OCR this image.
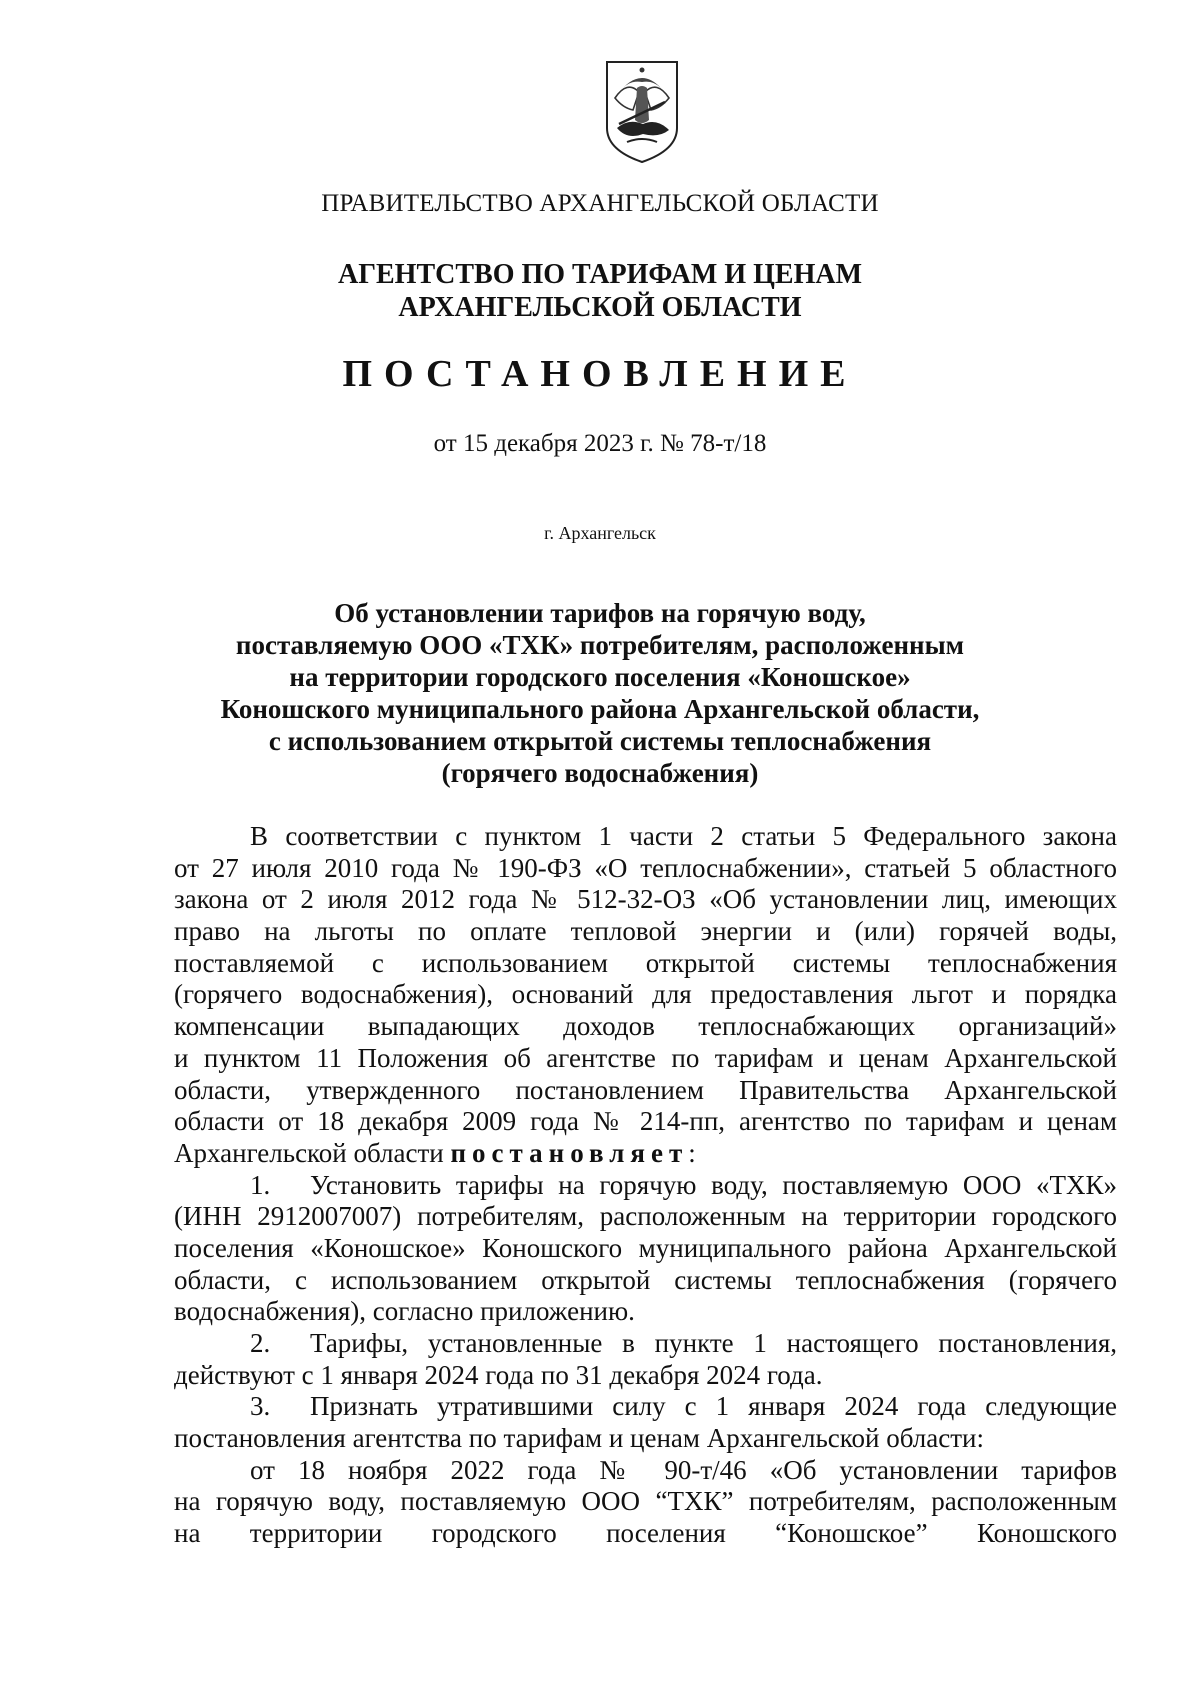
ПРАВИТЕЛЬСТВО АРХАНГЕЛЬСКОЙ ОБЛАСТИ
АГЕНТСТВО ПО ТАРИФАМ И ЦЕНАМ
АРХАНГЕЛЬСКОЙ ОБЛАСТИ
ПОСТАНОВЛЕНИЕ
от 15 декабря 2023 г. № 78-т/18
г. Архангельск
Об установлении тарифов на горячую воду,
поставляемую ООО «ТХК» потребителям, расположенным
на территории городского поселения «Коношское»
Коношского муниципального района Архангельской области,
с использованием открытой системы теплоснабжения
(горячего водоснабжения)
В соответствии с пунктом 1 части 2 статьи 5 Федерального закона
от 27 июля 2010 года № 190-ФЗ «О теплоснабжении», статьей 5 областного
закона от 2 июля 2012 года № 512-32-ОЗ «Об установлении лиц, имеющих
право на льготы по оплате тепловой энергии и (или) горячей воды,
поставляемой с использованием открытой системы теплоснабжения
(горячего водоснабжения), оснований для предоставления льгот и порядка
компенсации выпадающих доходов теплоснабжающих организаций»
и пунктом 11 Положения об агентстве по тарифам и ценам Архангельской
области, утвержденного постановлением Правительства Архангельской
области от 18 декабря 2009 года № 214-пп, агентство по тарифам и ценам
Архангельской области постановляет:
1. Установить тарифы на горячую воду, поставляемую ООО «ТХК»
(ИНН 2912007007) потребителям, расположенным на территории городского
поселения «Коношское» Коношского муниципального района Архангельской
области, с использованием открытой системы теплоснабжения (горячего
водоснабжения), согласно приложению.
2. Тарифы, установленные в пункте 1 настоящего постановления,
действуют с 1 января 2024 года по 31 декабря 2024 года.
3. Признать утратившими силу с 1 января 2024 года следующие
постановления агентства по тарифам и ценам Архангельской области:
от 18 ноября 2022 года № 90-т/46 «Об установлении тарифов
на горячую воду, поставляемую ООО “ТХК” потребителям, расположенным
на территории городского поселения “Коношское” Коношского
